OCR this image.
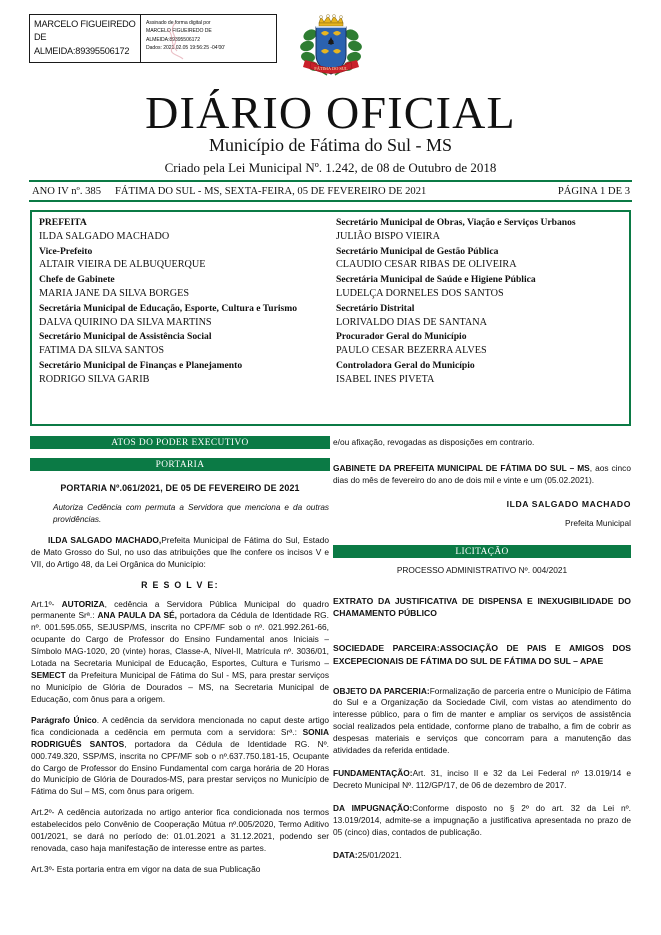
MARCELO FIGUEIREDO
DE
ALMEIDA:89395506172
Assinado de forma digital por
MARCELO FIGUEIREDO DE
ALMEIDA:89395506172
Dados: 2021.02.05 19:56:25 -04'00'
FÁTIMA DO SUL
DIÁRIO OFICIAL
Município de Fátima do Sul - MS
Criado pela Lei Municipal Nº. 1.242, de 08 de Outubro de 2018
ANO IV nº. 385	FÁTIMA DO SUL - MS, SEXTA-FEIRA, 05 DE FEVEREIRO DE 2021	PÁGINA 1 DE 3
PREFEITA
ILDA SALGADO MACHADO
Vice-Prefeito
ALTAIR VIEIRA DE ALBUQUERQUE
Chefe de Gabinete
MARIA JANE DA SILVA BORGES
Secretária Municipal de Educação, Esporte, Cultura e Turismo
DALVA QUIRINO DA SILVA MARTINS
Secretário Municipal de Assistência Social
FATIMA DA SILVA SANTOS
Secretário Municipal de Finanças e Planejamento
RODRIGO SILVA GARIB
Secretário Municipal de Obras, Viação e Serviços Urbanos
JULIÃO BISPO VIEIRA
Secretário Municipal de Gestão Pública
CLAUDIO CESAR RIBAS DE OLIVEIRA
Secretária Municipal de Saúde e Higiene Pública
LUDELÇA DORNELES DOS SANTOS
Secretário Distrital
LORIVALDO DIAS DE SANTANA
Procurador Geral do Município
PAULO CESAR BEZERRA ALVES
Controladora Geral do Município
ISABEL INES PIVETA
ATOS DO PODER EXECUTIVO
PORTARIA
LICITAÇÃO

PORTARIA Nº.061/2021, DE 05 DE FEVEREIRO DE 2021

Autoriza Cedência com permuta a Servidora que menciona e da outras providências.

ILDA SALGADO MACHADO,Prefeita Municipal de Fátima do Sul, Estado de Mato Grosso do Sul, no uso das atribuições que lhe confere os incisos V e VII, do Artigo 48, da Lei Orgânica do Município:

R E S O L V E:

Art.1º- AUTORIZA, cedência a Servidora Pública Municipal do quadro permanente Srª.: ANA PAULA DA SÉ, portadora da Cédula de Identidade RG. nº. 001.595.055, SEJUSP/MS, inscrita no CPF/MF sob o nº. 021.992.261-66, ocupante do Cargo de Professor do Ensino Fundamental anos Iniciais – Símbolo MAG-1020, 20 (vinte) horas, Classe-A, Nível-II, Matrícula nº. 3036/01, Lotada na Secretaria Municipal de Educação, Esportes, Cultura e Turismo – SEMECT da Prefeitura Municipal de Fátima do Sul - MS, para prestar serviços no Município de Glória de Dourados – MS, na Secretaria Municipal de Educação, com ônus para a origem.

Parágrafo Único. A cedência da servidora mencionada no caput deste artigo fica condicionada a cedência em permuta com a servidora: Srª.: SONIA RODRIGUÊS SANTOS, portadora da Cédula de Identidade RG. Nº. 000.749.320, SSP/MS, inscrita no CPF/MF sob o nº.637.750.181-15, Ocupante do Cargo de Professor do Ensino Fundamental com carga horária de 20 Horas do Município de Glória de Dourados-MS, para prestar serviços no Município de Fátima do Sul – MS, com ônus para origem.

Art.2º- A cedência autorizada no artigo anterior fica condicionada nos termos estabelecidos pelo Convênio de Cooperação Mútua nº.005/2020, Termo Aditivo 001/2021, se dará no período de: 01.01.2021 a 31.12.2021, podendo ser renovada, caso haja manifestação de interesse entre as partes.

Art.3º- Esta portaria entra em vigor na data de sua Publicação

e/ou afixação, revogadas as disposições em contrario.

GABINETE DA PREFEITA MUNICIPAL DE FÁTIMA DO SUL – MS, aos cinco dias do mês de fevereiro do ano de dois mil e vinte e um (05.02.2021).

ILDA SALGADO MACHADO

Prefeita Municipal

PROCESSO ADMINISTRATIVO Nº. 004/2021

EXTRATO DA JUSTIFICATIVA DE DISPENSA E INEXUGIBILIDADE DO CHAMAMENTO PÚBLICO

SOCIEDADE PARCEIRA:ASSOCIAÇÃO DE PAIS E AMIGOS DOS EXCEPECIONAIS DE FÁTIMA DO SUL DE FÁTIMA DO SUL – APAE

OBJETO DA PARCERIA:Formalização de parceria entre o Município de Fátima do Sul e a Organização da Sociedade Civil, com vistas ao atendimento do interesse público, para o fim de manter e ampliar os serviços de assistência social realizados pela entidade, conforme plano de trabalho, a fim de cobrir as despesas materiais e serviços que concorram para a manutenção das atividades da referida entidade.

FUNDAMENTAÇÃO:Art. 31, inciso II e 32 da Lei Federal nº 13.019/14 e Decreto Municipal Nº. 112/GP/17, de 06 de dezembro de 2017.

DA IMPUGNAÇÃO:Conforme disposto no § 2º do art. 32 da Lei nº. 13.019/2014, admite-se a impugnação a justificativa apresentada no prazo de 05 (cinco) dias, contados de publicação.

DATA:25/01/2021.
